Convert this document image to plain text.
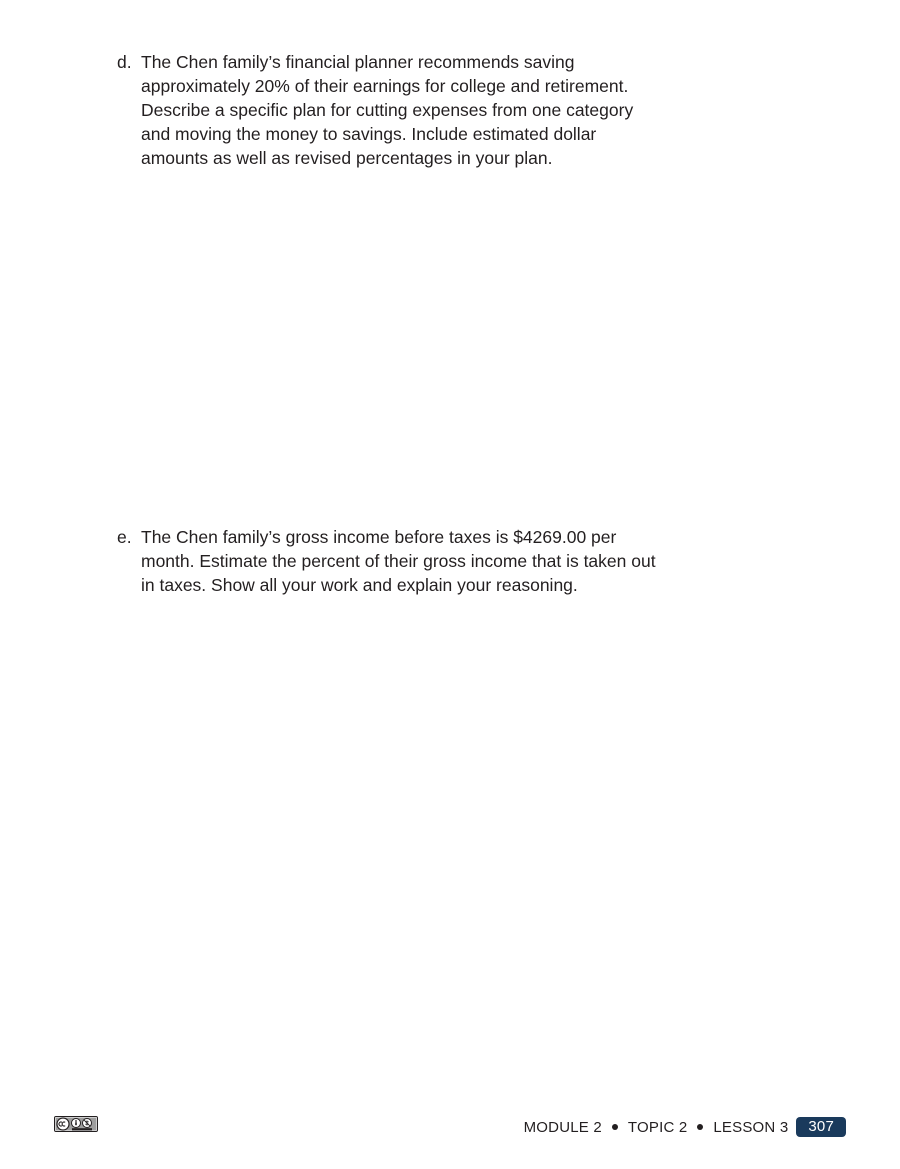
d. The Chen family’s financial planner recommends saving approximately 20% of their earnings for college and retirement. Describe a specific plan for cutting expenses from one category and moving the money to savings. Include estimated dollar amounts as well as revised percentages in your plan.
e. The Chen family’s gross income before taxes is $4269.00 per month. Estimate the percent of their gross income that is taken out in taxes. Show all your work and explain your reasoning.
MODULE 2 TOPIC 2 LESSON 3	307
